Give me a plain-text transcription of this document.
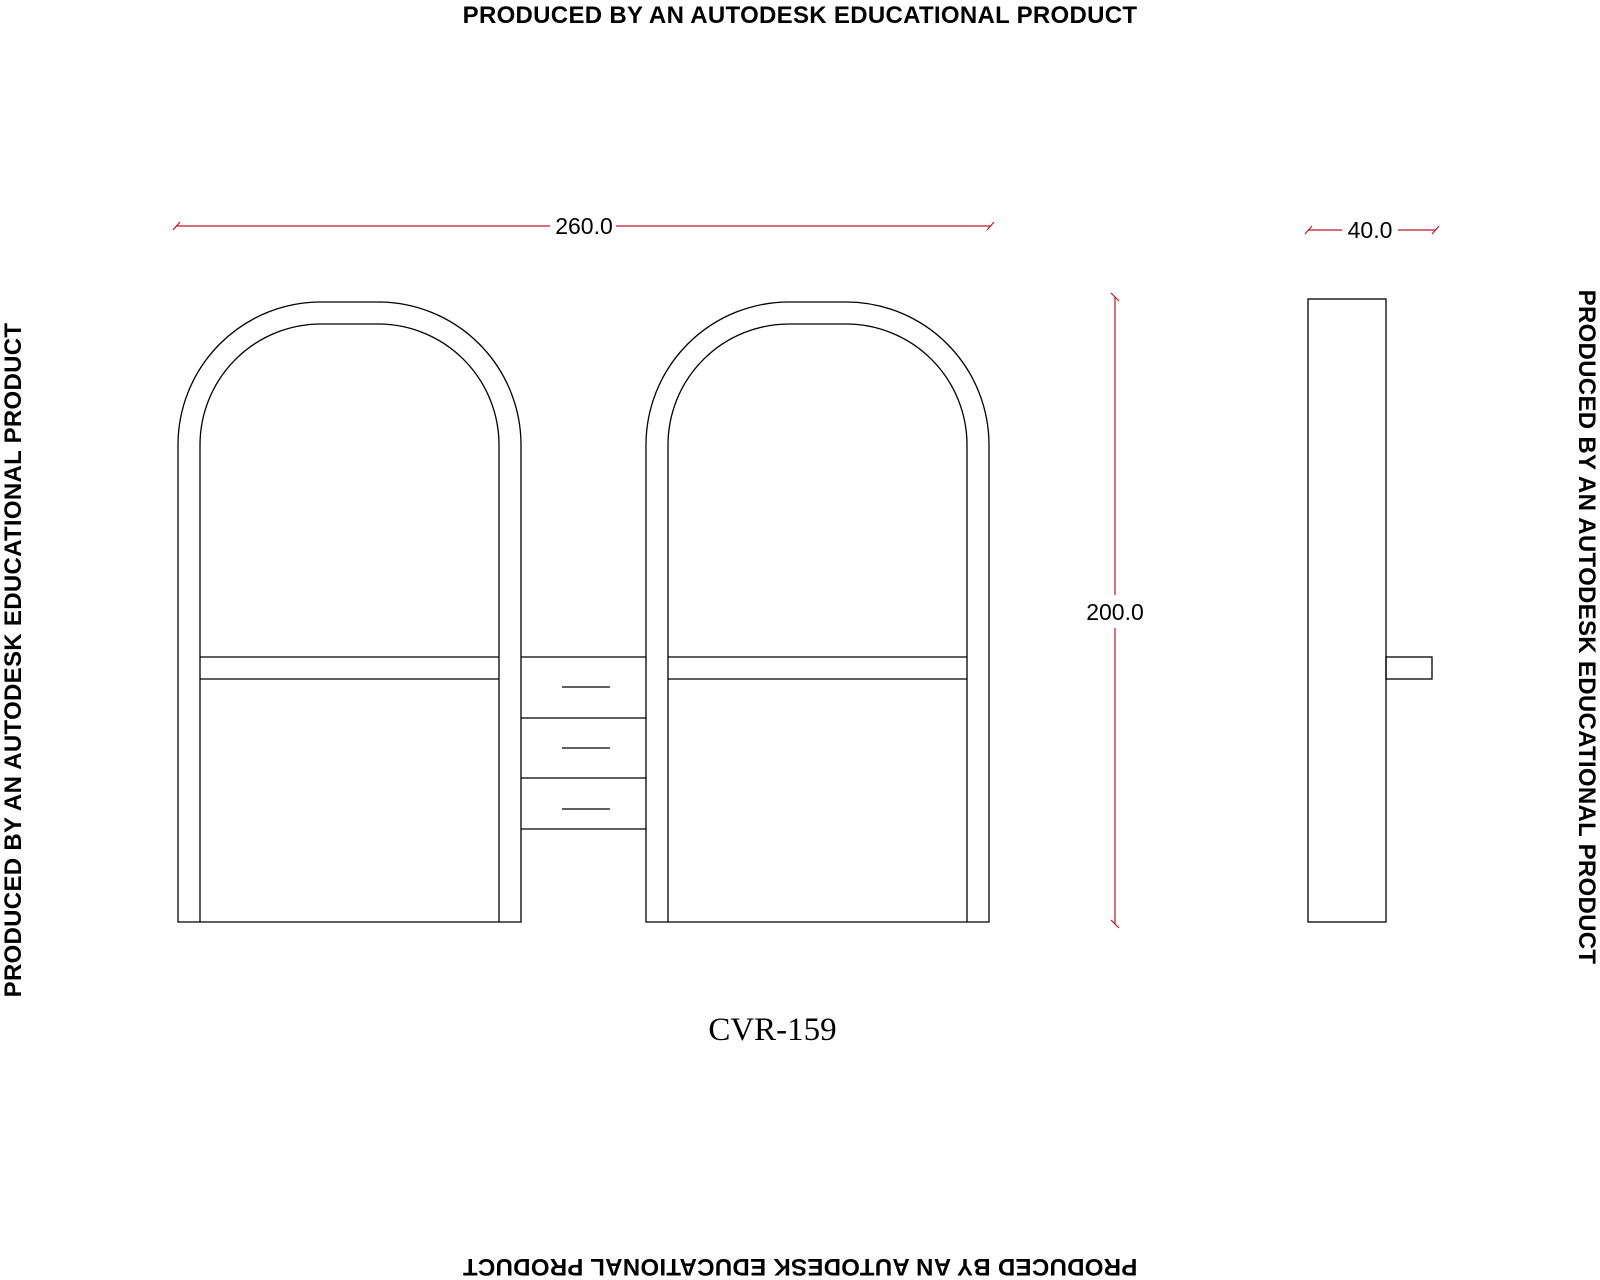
PRODUCED BY AN AUTODESK EDUCATIONAL PRODUCT
PRODUCED BY AN AUTODESK EDUCATIONAL PRODUCT
PRODUCED BY AN AUTODESK EDUCATIONAL PRODUCT	PRODUCED BY AN AUTODESK EDUCATIONAL PRODUCT
260.0
200.0
40.0
CVR-159
